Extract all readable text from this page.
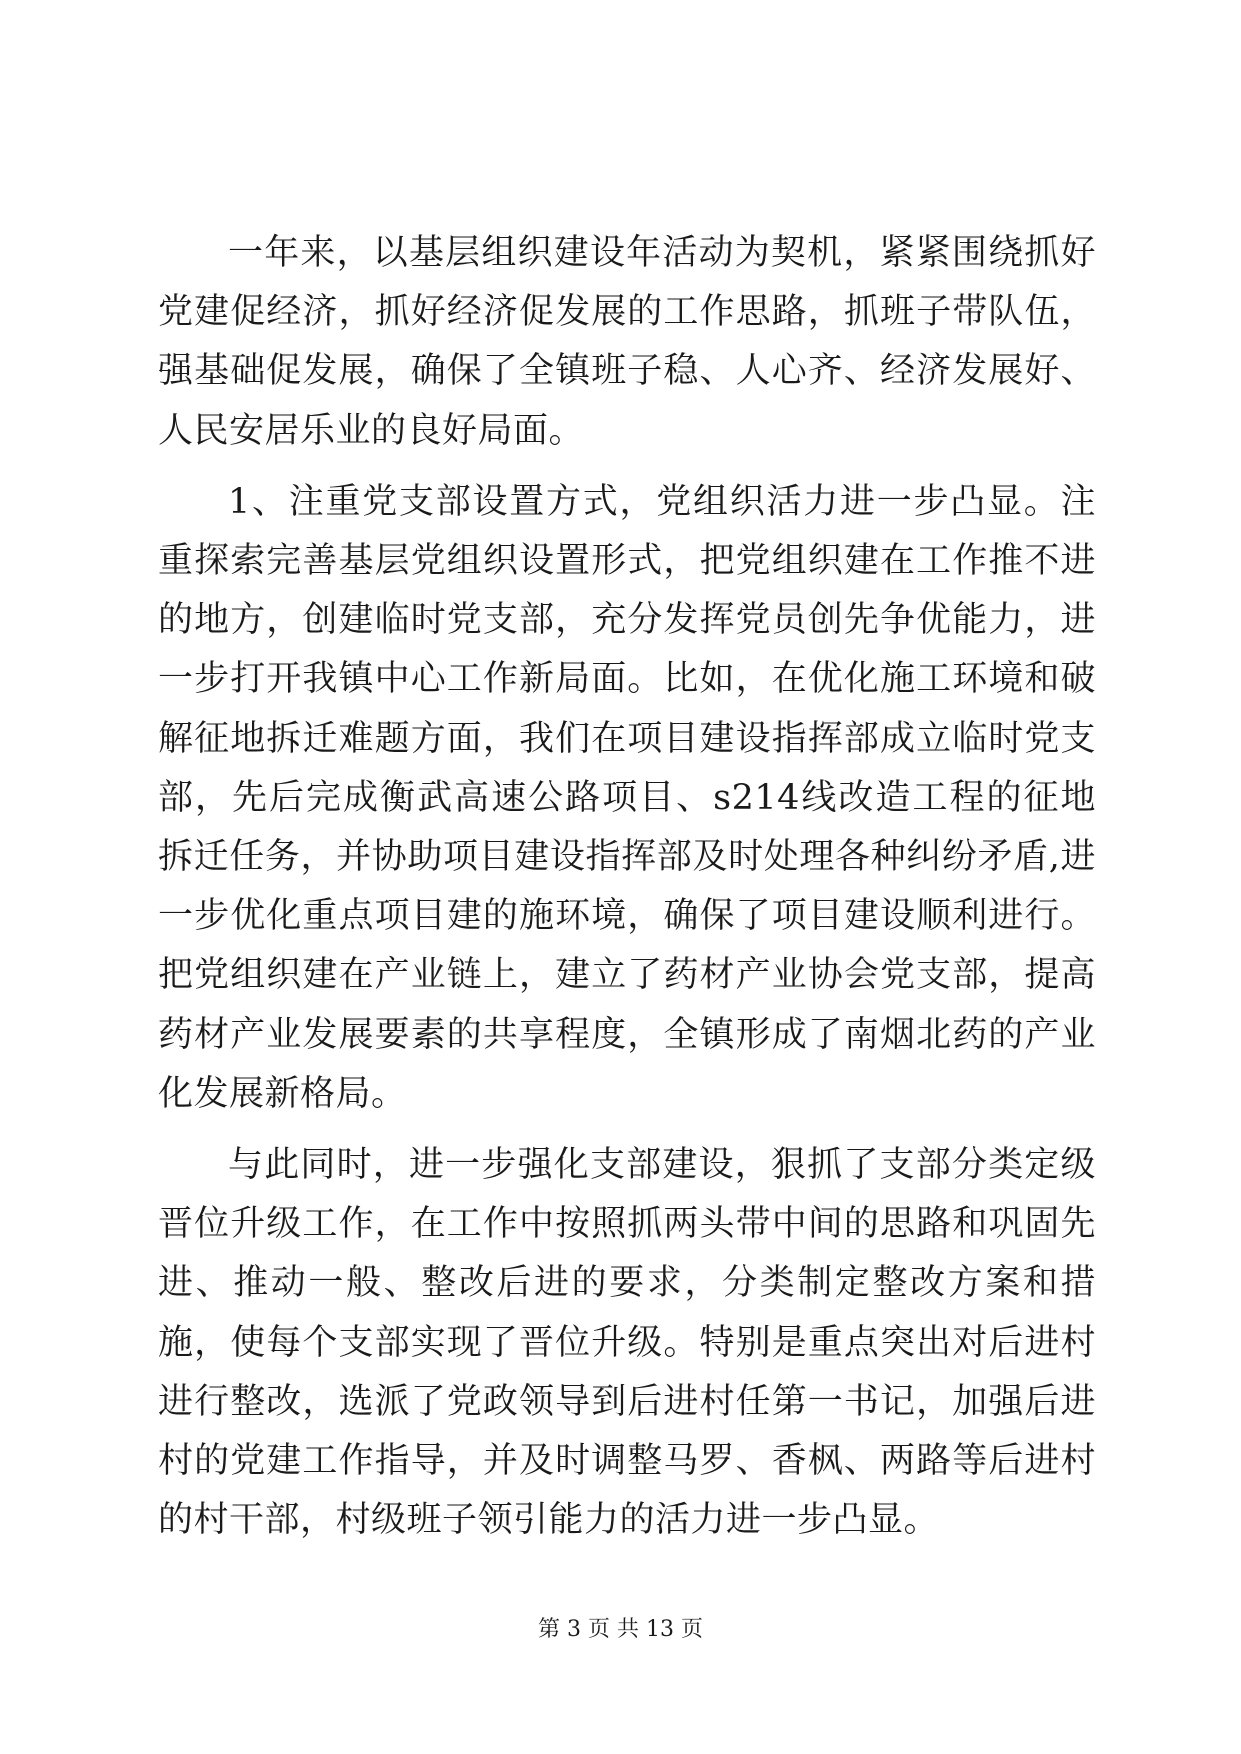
一年来，以基层组织建设年活动为契机，紧紧围绕抓好党建促经济，抓好经济促发展的工作思路，抓班子带队伍，强基础促发展，确保了全镇班子稳、人心齐、经济发展好、人民安居乐业的良好局面。

1、注重党支部设置方式，党组织活力进一步凸显。注重探索完善基层党组织设置形式，把党组织建在工作推不进的地方，创建临时党支部，充分发挥党员创先争优能力，进一步打开我镇中心工作新局面。比如，在优化施工环境和破解征地拆迁难题方面，我们在项目建设指挥部成立临时党支部，先后完成衡武高速公路项目、s214线改造工程的征地拆迁任务，并协助项目建设指挥部及时处理各种纠纷矛盾,进一步优化重点项目建的施环境，确保了项目建设顺利进行。把党组织建在产业链上，建立了药材产业协会党支部，提高药材产业发展要素的共享程度，全镇形成了南烟北药的产业化发展新格局。

与此同时，进一步强化支部建设，狠抓了支部分类定级晋位升级工作，在工作中按照抓两头带中间的思路和巩固先进、推动一般、整改后进的要求，分类制定整改方案和措施，使每个支部实现了晋位升级。特别是重点突出对后进村进行整改，选派了党政领导到后进村任第一书记，加强后进村的党建工作指导，并及时调整马罗、香枫、两路等后进村的村干部，村级班子领引能力的活力进一步凸显。

第 3 页 共 13 页
